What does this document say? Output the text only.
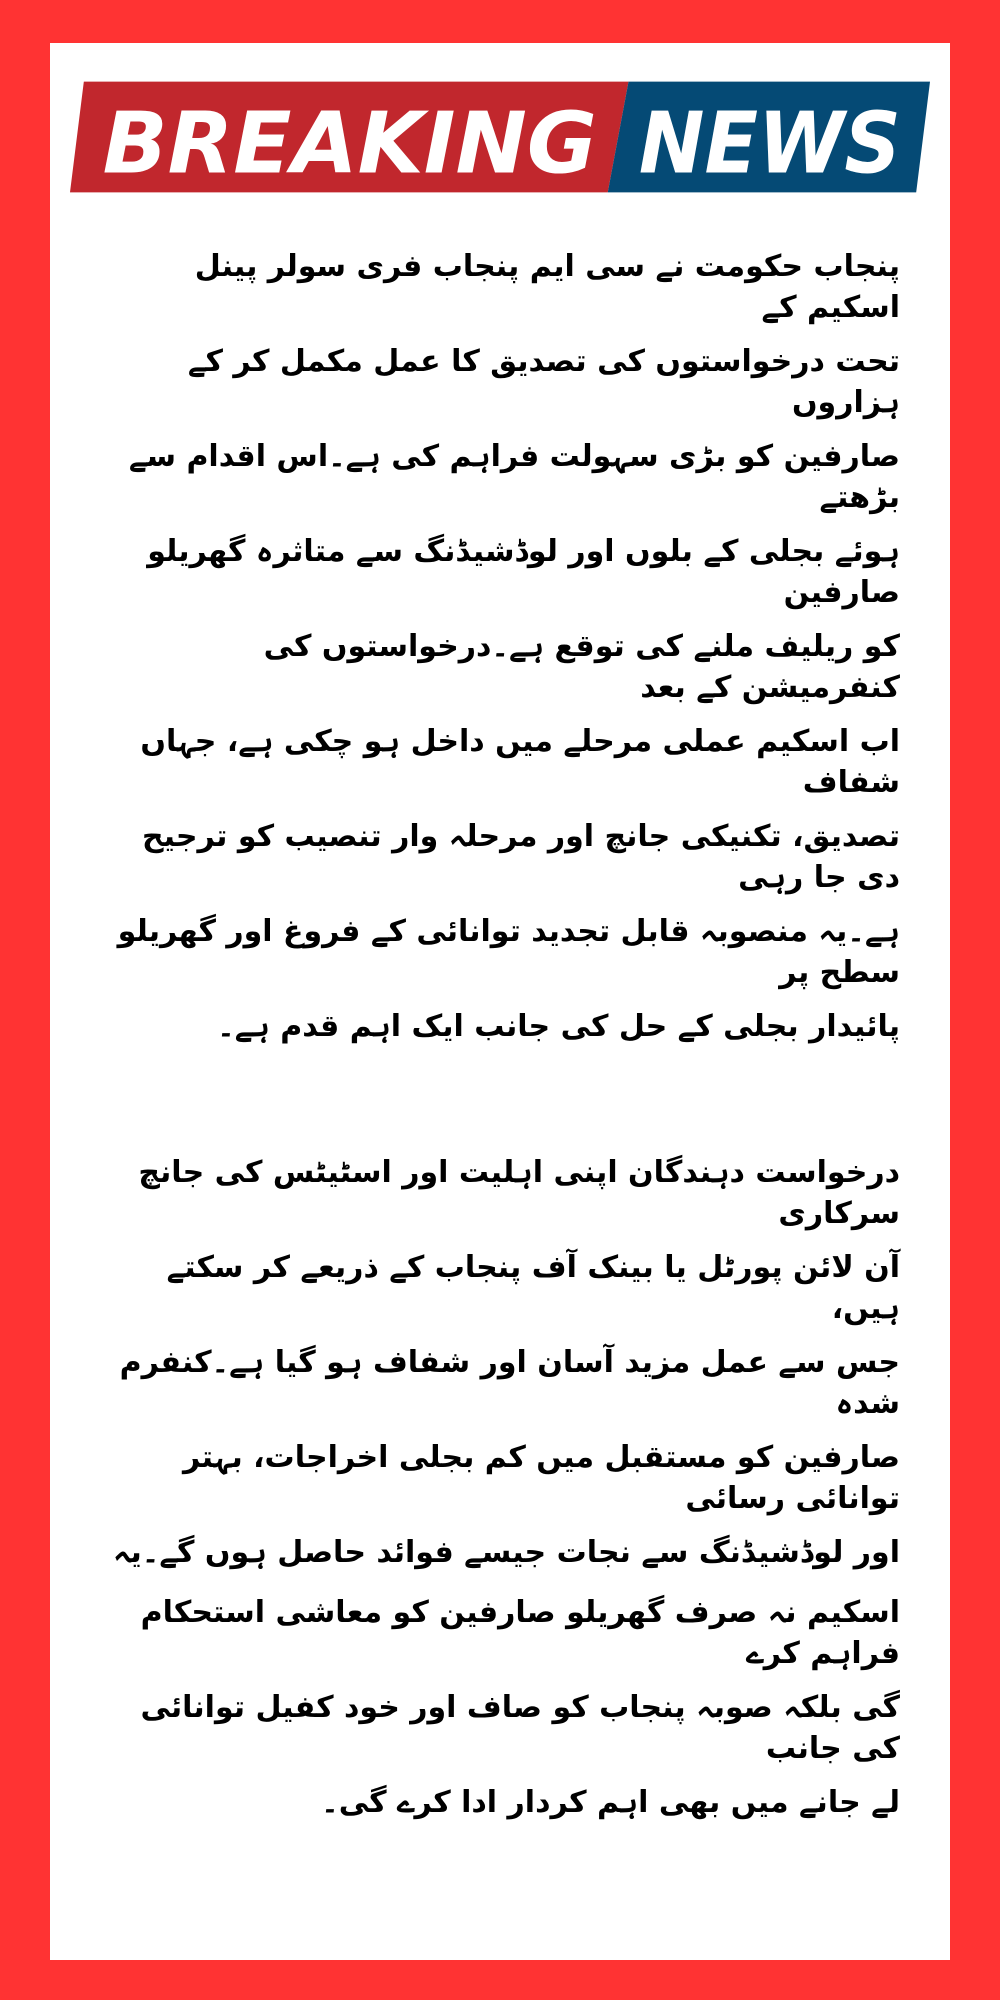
BREAKING NEWS
پنجاب حکومت نے سی ایم پنجاب فری سولر پینل اسکیم کے
تحت درخواستوں کی تصدیق کا عمل مکمل کر کے ہزاروں
صارفین کو بڑی سہولت فراہم کی ہے۔اس اقدام سے بڑھتے
ہوئے بجلی کے بلوں اور لوڈشیڈنگ سے متاثرہ گھریلو صارفین
کو ریلیف ملنے کی توقع ہے۔درخواستوں کی کنفرمیشن کے بعد
اب اسکیم عملی مرحلے میں داخل ہو چکی ہے، جہاں شفاف
تصدیق، تکنیکی جانچ اور مرحلہ وار تنصیب کو ترجیح دی جا رہی
ہے۔یہ منصوبہ قابل تجدید توانائی کے فروغ اور گھریلو سطح پر
پائیدار بجلی کے حل کی جانب ایک اہم قدم ہے۔
درخواست دہندگان اپنی اہلیت اور اسٹیٹس کی جانچ سرکاری
آن لائن پورٹل یا بینک آف پنجاب کے ذریعے کر سکتے ہیں،
جس سے عمل مزید آسان اور شفاف ہو گیا ہے۔کنفرم شدہ
صارفین کو مستقبل میں کم بجلی اخراجات، بہتر توانائی رسائی
اور لوڈشیڈنگ سے نجات جیسے فوائد حاصل ہوں گے۔یہ
اسکیم نہ صرف گھریلو صارفین کو معاشی استحکام فراہم کرے
گی بلکہ صوبہ پنجاب کو صاف اور خود کفیل توانائی کی جانب
لے جانے میں بھی اہم کردار ادا کرے گی۔
